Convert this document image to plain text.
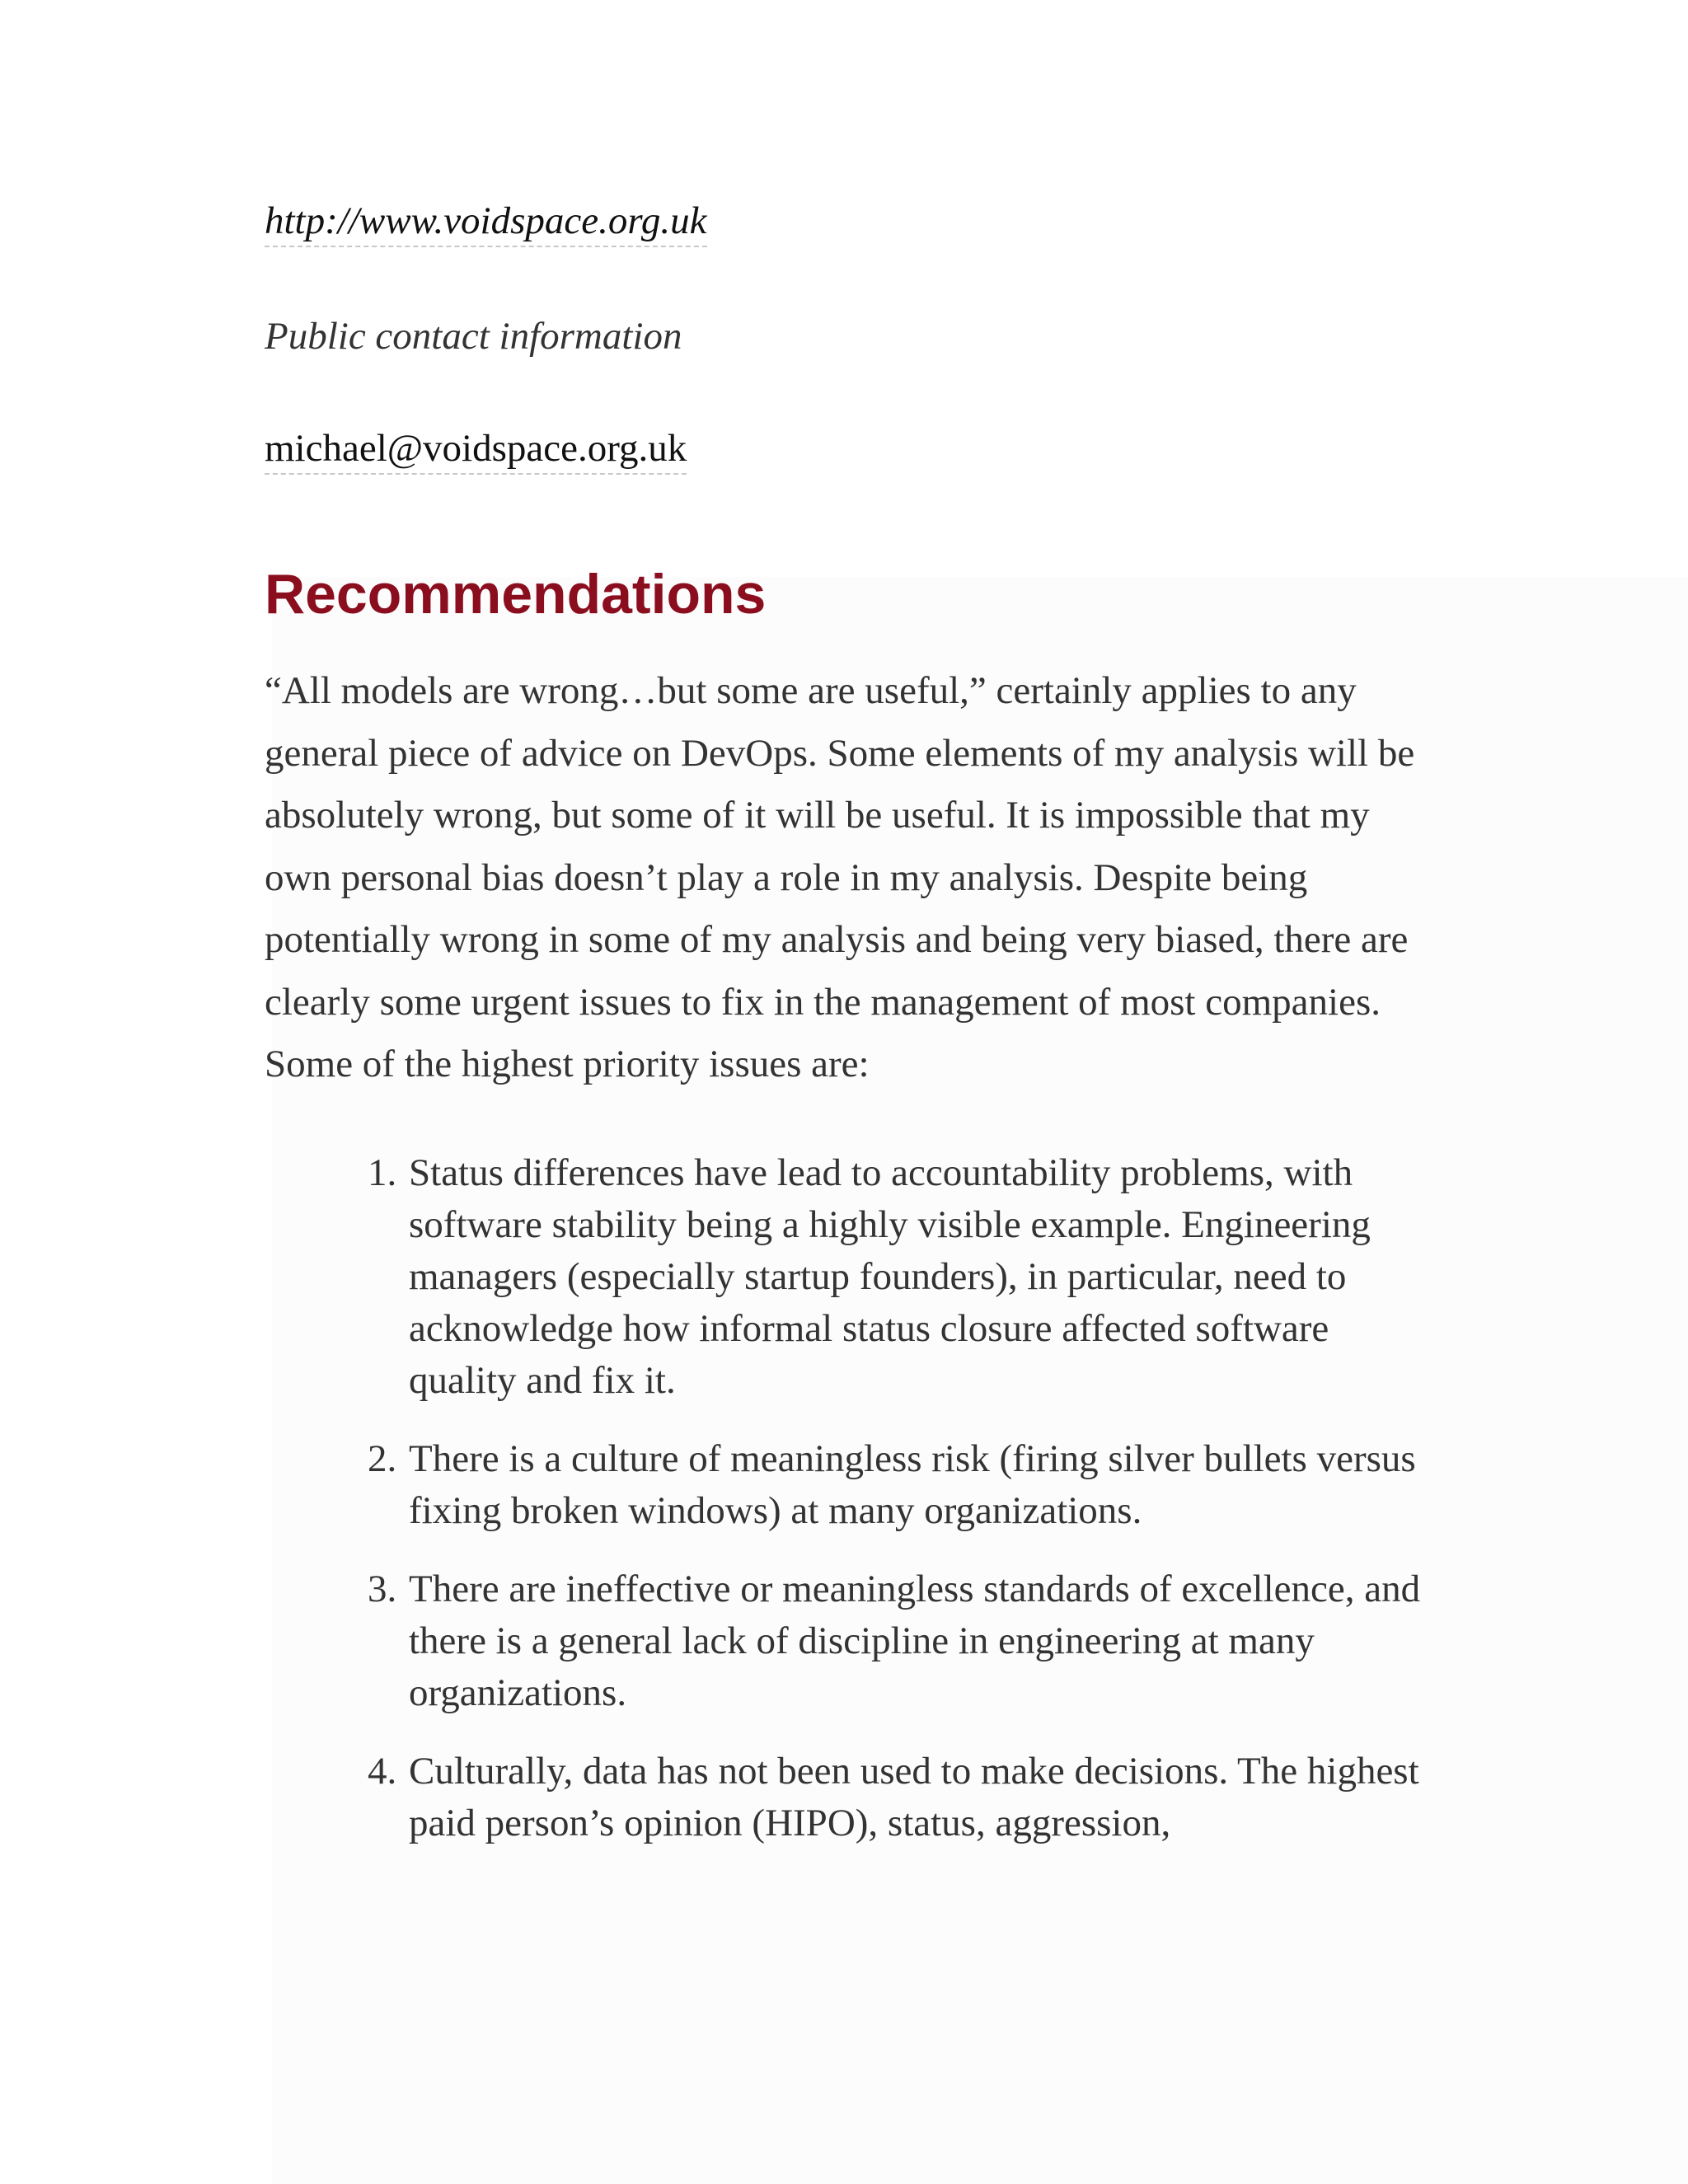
http://www.voidspace.org.uk
Public contact information
michael@voidspace.org.uk
Recommendations

“All models are wrong…but some are useful,” certainly applies to any general piece of advice on DevOps. Some elements of my analysis will be absolutely wrong, but some of it will be useful. It is impossible that my own personal bias doesn’t play a role in my analysis. Despite being potentially wrong in some of my analysis and being very biased, there are clearly some urgent issues to fix in the management of most companies. Some of the highest priority issues are:

1. Status differences have lead to accountability problems, with software stability being a highly visible example. Engineering managers (especially startup founders), in particular, need to acknowledge how informal status closure affected software quality and fix it.
2. There is a culture of meaningless risk (firing silver bullets versus fixing broken windows) at many organizations.
3. There are ineffective or meaningless standards of excellence, and there is a general lack of discipline in engineering at many organizations.
4. Culturally, data has not been used to make decisions. The highest paid person’s opinion (HIPO), status, aggression,
